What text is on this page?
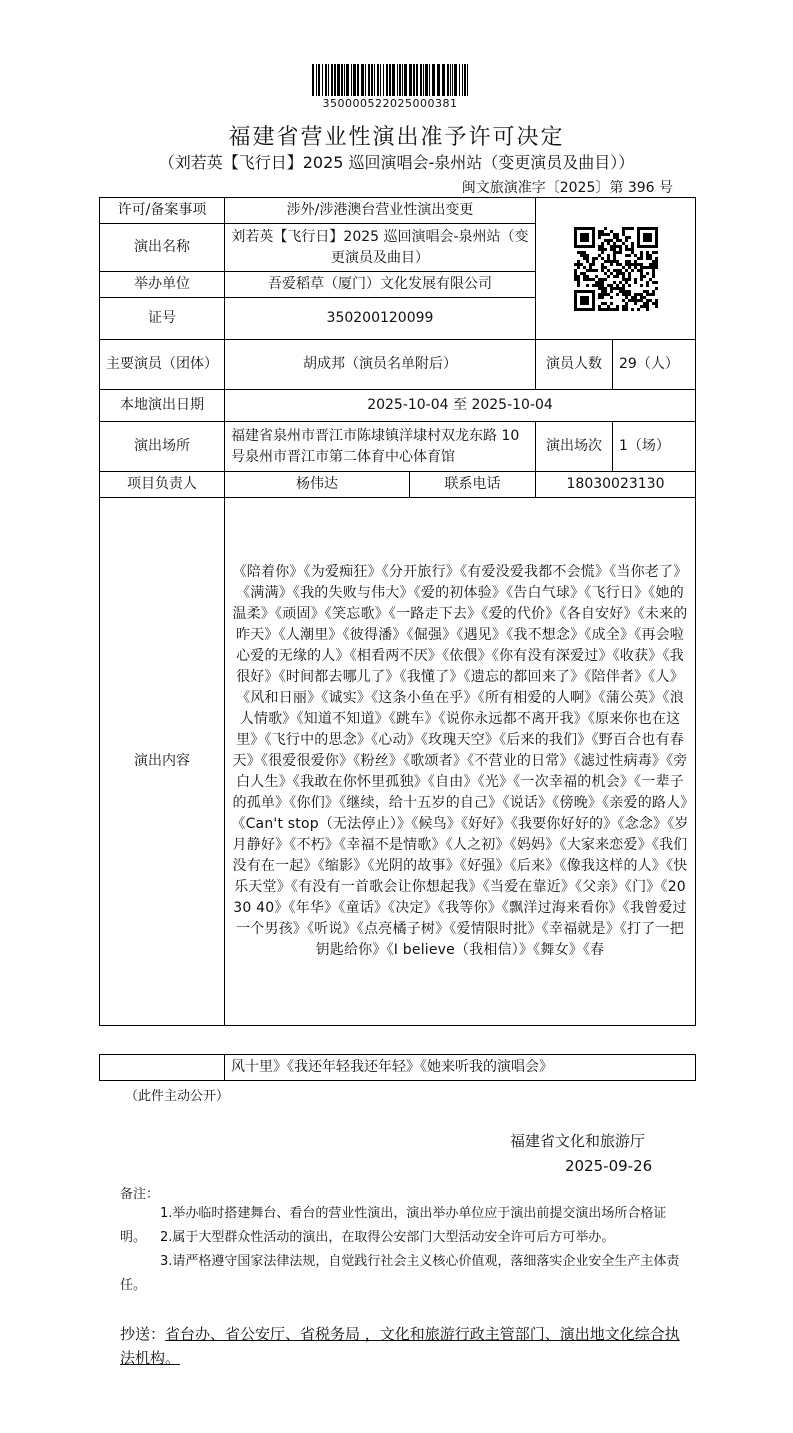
350000522025000381
福建省营业性演出准予许可决定
（刘若英【飞行日】2025 巡回演唱会-泉州站（变更演员及曲目））
闽文旅演准字〔2025〕第 396 号
许可/备案事项	涉外/涉港澳台营业性演出变更	

演出名称	刘若英【飞行日】2025 巡回演唱会-泉州站（变更演员及曲目）			
举办单位	吾爱稻草（厦门）文化发展有限公司			
证号	350200120099			
主要演员（团体）	胡成邦（演员名单附后）		演员人数	29（人）
本地演出日期	2025-10-04 至 2025-10-04			
演出场所	福建省泉州市晋江市陈埭镇洋埭村双龙东路 10 号泉州市晋江市第二体育中心体育馆		演出场次	1（场）
项目负责人	杨伟达	联系电话	18030023130	
演出内容	《陪着你》《为爱痴狂》《分开旅行》《有爱没爱我都不会慌》《当你老了》《满满》《我的失败与伟大》《爱的初体验》《告白气球》《飞行日》《她的温柔》《顽固》《笑忘歌》《一路走下去》《爱的代价》《各自安好》《未来的昨天》《人潮里》《彼得潘》《倔强》《遇见》《我不想念》《成全》《再会啦心爱的无缘的人》《相看两不厌》《依偎》《你有没有深爱过》《收获》《我很好》《时间都去哪儿了》《我懂了》《遗忘的都回来了》《陪伴者》《人》《风和日丽》《诚实》《这条小鱼在乎》《所有相爱的人啊》《蒲公英》《浪人情歌》《知道不知道》《跳车》《说你永远都不离开我》《原来你也在这里》《飞行中的思念》《心动》《玫瑰天空》《后来的我们》《野百合也有春天》《很爱很爱你》《粉丝》《歌颂者》《不营业的日常》《滤过性病毒》《旁白人生》《我敢在你怀里孤独》《自由》《光》《一次幸福的机会》《一辈子的孤单》《你们》《继续，给十五岁的自己》《说话》《傍晚》《亲爱的路人》《Can't stop（无法停止）》《候鸟》《好好》《我要你好好的》《念念》《岁月静好》《不朽》《幸福不是情歌》《人之初》《妈妈》《大家来恋爱》《我们没有在一起》《缩影》《光阴的故事》《好强》《后来》《像我这样的人》《快乐天堂》《有没有一首歌会让你想起我》《当爱在靠近》《父亲》《门》《20 30 40》《年华》《童话》《决定》《我等你》《飘洋过海来看你》《我曾爱过一个男孩》《听说》《点亮橘子树》《爱情限时批》《幸福就是》《打了一把钥匙给你》《I believe（我相信）》《舞女》《春			
	风十里》《我还年轻我还年轻》《她来听我的演唱会》
（此件主动公开）
福建省文化和旅游厅
2025-09-26
备注：
1.举办临时搭建舞台、看台的营业性演出，演出举办单位应于演出前提交演出场所合格证明。	2.属于大型群众性活动的演出，在取得公安部门大型活动安全许可后方可举办。
3.请严格遵守国家法律法规，自觉践行社会主义核心价值观，落细落实企业安全生产主体责任。
抄送：省台办、省公安厅、省税务局 ，文化和旅游行政主管部门、演出地文化综合执法机构。
